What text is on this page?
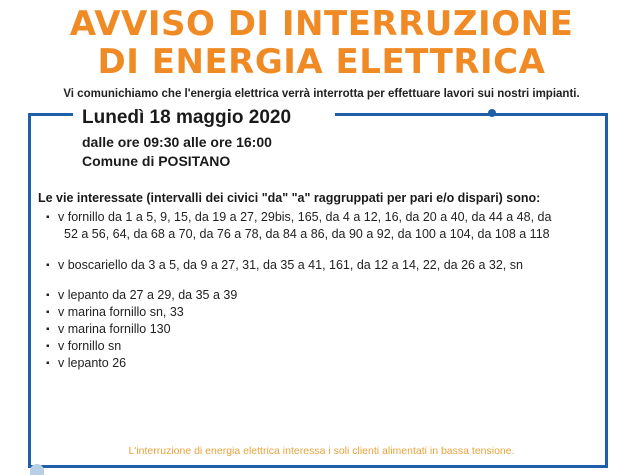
AVVISO DI INTERRUZIONE
DI ENERGIA ELETTRICA
Vi comunichiamo che l'energia elettrica verrà interrotta per effettuare lavori sui nostri impianti.
Lunedì 18 maggio 2020
dalle ore 09:30 alle ore 16:00
Comune di POSITANO
Le vie interessate (intervalli dei civici "da" "a" raggruppati per pari e/o dispari) sono:
▪ v fornillo da 1 a 5, 9, 15, da 19 a 27, 29bis, 165, da 4 a 12, 16, da 20 a 40, da 44 a 48, da
52 a 56, 64, da 68 a 70, da 76 a 78, da 84 a 86, da 90 a 92, da 100 a 104, da 108 a 118
▪ v boscariello da 3 a 5, da 9 a 27, 31, da 35 a 41, 161, da 12 a 14, 22, da 26 a 32, sn
▪ v lepanto da 27 a 29, da 35 a 39
▪ v marina fornillo sn, 33
▪ v marina fornillo 130
▪ v fornillo sn
▪ v lepanto 26
L'interruzione di energia elettrica interessa i soli clienti alimentati in bassa tensione.
